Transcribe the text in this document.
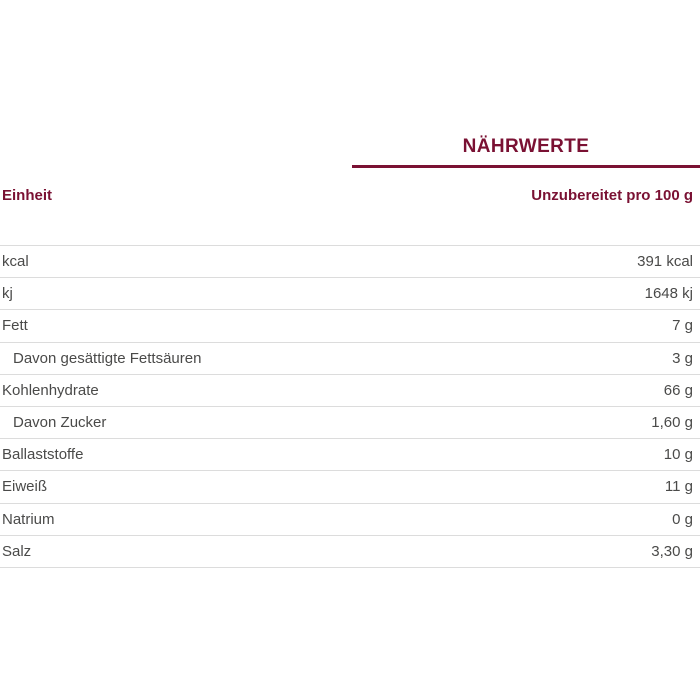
NÄHRWERTE
Einheit	Unzubereitet pro 100 g
kcal	391 kcal
kj	1648 kj
Fett	7 g
Davon gesättigte Fettsäuren	3 g
Kohlenhydrate	66 g
Davon Zucker	1,60 g
Ballaststoffe	10 g
Eiweiß	11 g
Natrium	0 g
Salz	3,30 g
